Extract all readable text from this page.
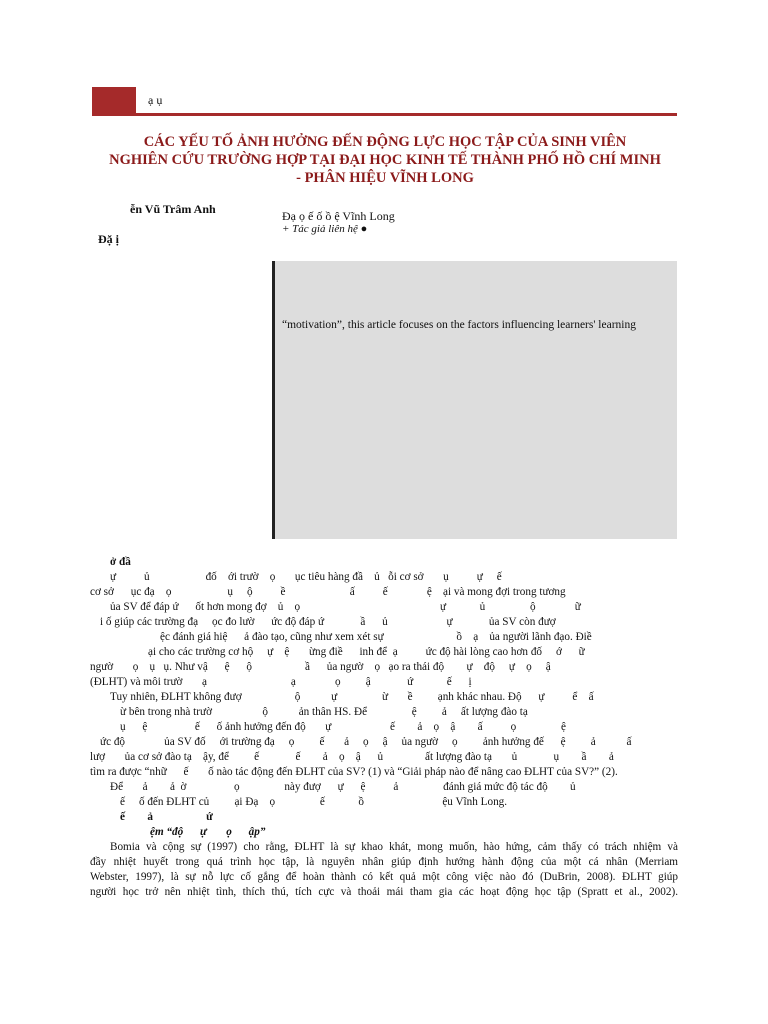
ạ ụ
CÁC YẾU TỐ ẢNH HƯỞNG ĐẾN ĐỘNG LỰC HỌC TẬP CỦA SINH VIÊN
NGHIÊN CỨU TRƯỜNG HỢP TẠI ĐẠI HỌC KINH TẾ THÀNH PHỐ HỒ CHÍ MINH
- PHÂN HIỆU VĨNH LONG
ễn Vũ Trâm Anh
Đặ ị
Đạ ọ ế ố ồ ệ Vĩnh Long
+ Tác giả liên hệ ●
“motivation”, this article focuses on the factors influencing learners' learning
ở đầ
ự          ủ                    đố    ới trườ    ọ       ục tiêu hàng đầ    ủ   ỗi cơ sở       ụ          ự     ế
cơ sở      ục đạ    ọ                    ụ     ộ          ề                       ấ          ế              ệ    ại và mong đợi trong tương
ủa SV để đáp ứ      ốt hơn mong đợ    ủ    ọ                                                  ự            ủ                ộ              ữ
i ố giúp các trường đạ     ọc đo lườ      ức độ đáp ứ             ầ      ủ                     ự             ủa SV còn đượ
ệc đánh giá hiệ      ả đào tạo, cũng như xem xét sự                          ồ    ạ    ủa người lãnh đạo. Điề
ại cho các trường cơ hộ     ự    ệ       ừng điề      inh để  ạ          ức độ hài lòng cao hơn đố     ớ      ữ
ngườ       ọ    ụ   ụ. Như vậ      ệ      ộ                   ầ      ủa ngườ    ọ   ạo ra thái độ        ự    độ     ự    ọ     ậ
(ĐLHT) và môi trườ       ạ                              ạ              ọ         ậ             ứ            ế      ị
Tuy nhiên, ĐLHT không đượ                   ộ           ự                ừ       ề         ạnh khác nhau. Độ      ự          ể    ấ
ừ bên trong nhà trườ                  ộ           ản thân HS. Để                ệ         ả     ất lượng đào tạ
ụ      ệ                 ế      ố ảnh hưởng đến độ       ự                     ế        ả    ọ    ậ        ấ          ọ                ệ
ức độ              ủa SV đố     ới trường đạ     ọ         ế       ả     ọ     ậ     ủa ngườ     ọ         ảnh hưởng đế      ệ         ả           ấ
lượ       ủa cơ sở đào tạ    ậy, để         ế             ế        ả    ọ    ậ      ủ               ất lượng đào tạ       ủ             ụ        ầ        ả
tìm ra được “nhữ      ế       ố nào tác động đến ĐLHT của SV? (1) và “Giải pháp nào để nâng cao ĐLHT của SV?” (2).
Để       ả        ả  ờ                 ọ                này đượ      ự      ệ          ả                đánh giá mức độ tác độ        ủ
ế     ố đến ĐLHT củ         ại Đạ    ọ                ế            ồ                            ệu Vĩnh Long.
ế        ả                   ứ
ệm “độ      ự       ọ      ập”
Bomia và cộng sự (1997) cho rằng, ĐLHT là sự khao khát, mong muốn, hào hứng, cảm thấy có trách nhiệm và
đầy nhiệt huyết trong quá trình học tập, là nguyên nhân giúp định hướng hành động của một cá nhân (Merriam
Webster, 1997), là sự nỗ lực cố gắng để hoàn thành có kết quả một công việc nào đó (DuBrin, 2008). ĐLHT giúp
người học trở nên nhiệt tình, thích thú, tích cực và thoải mái tham gia các hoạt động học tập (Spratt et al., 2002).
